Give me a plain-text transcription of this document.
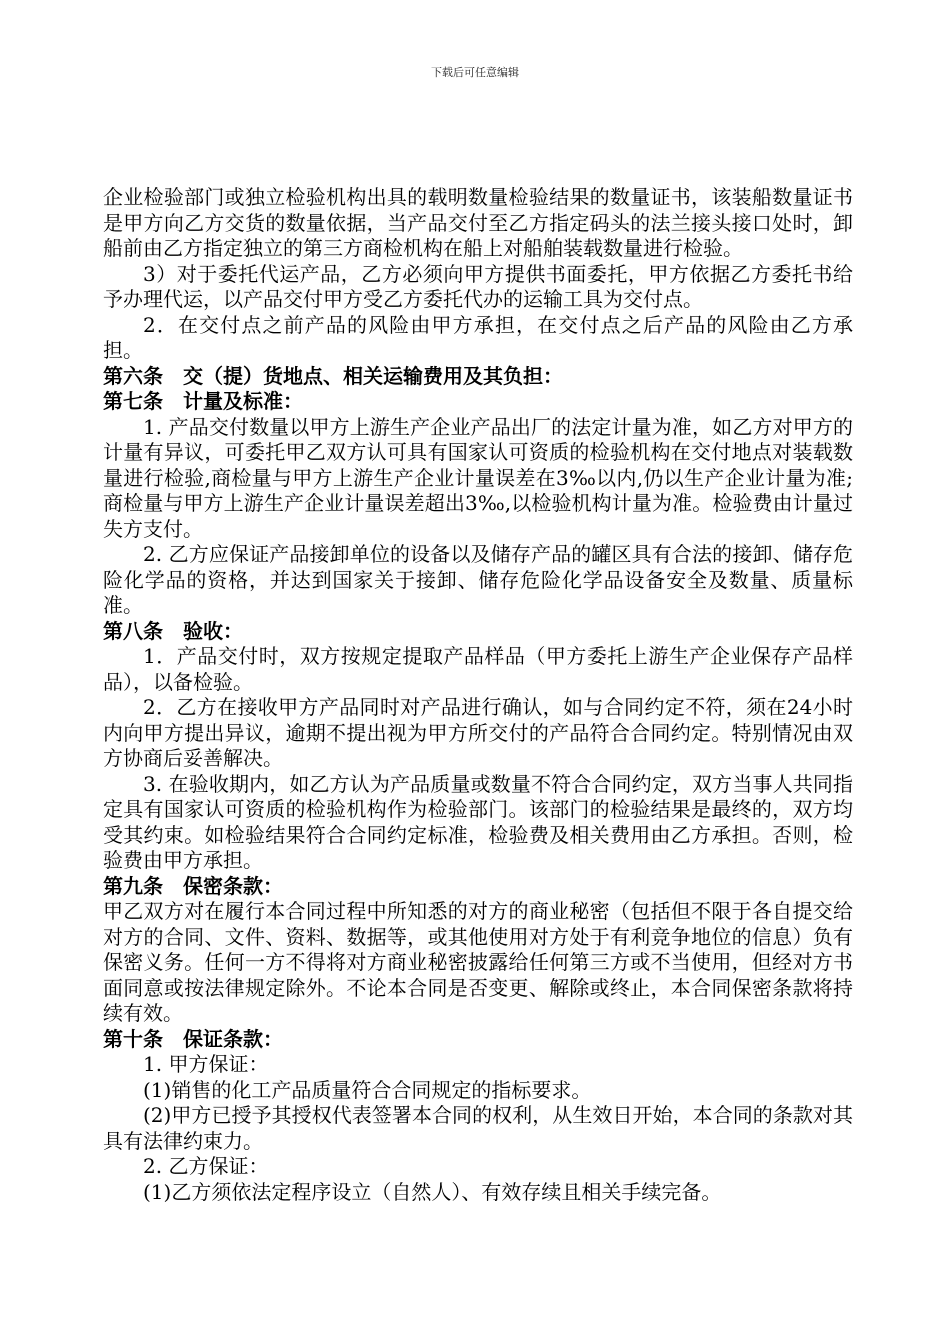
下载后可任意编辑

企业检验部门或独立检验机构出具的载明数量检验结果的数量证书，该装船数量证书是甲方向乙方交货的数量依据，当产品交付至乙方指定码头的法兰接头接口处时，卸船前由乙方指定独立的第三方商检机构在船上对船舶装载数量进行检验。

3）对于委托代运产品，乙方必须向甲方提供书面委托，甲方依据乙方委托书给予办理代运，以产品交付甲方受乙方委托代办的运输工具为交付点。

2．在交付点之前产品的风险由甲方承担，在交付点之后产品的风险由乙方承担。

第六条　交（提）货地点、相关运输费用及其负担：

第七条　计量及标准：

1. 产品交付数量以甲方上游生产企业产品出厂的法定计量为准，如乙方对甲方的计量有异议，可委托甲乙双方认可具有国家认可资质的检验机构在交付地点对装载数量进行检验,商检量与甲方上游生产企业计量误差在3‰以内,仍以生产企业计量为准; 商检量与甲方上游生产企业计量误差超出3‰,以检验机构计量为准。检验费由计量过失方支付。

2. 乙方应保证产品接卸单位的设备以及储存产品的罐区具有合法的接卸、储存危险化学品的资格，并达到国家关于接卸、储存危险化学品设备安全及数量、质量标准。

第八条　验收：

1．产品交付时，双方按规定提取产品样品（甲方委托上游生产企业保存产品样品），以备检验。

2．乙方在接收甲方产品同时对产品进行确认，如与合同约定不符，须在24小时内向甲方提出异议，逾期不提出视为甲方所交付的产品符合合同约定。特别情况由双方协商后妥善解决。

3. 在验收期内，如乙方认为产品质量或数量不符合合同约定，双方当事人共同指定具有国家认可资质的检验机构作为检验部门。该部门的检验结果是最终的，双方均受其约束。如检验结果符合合同约定标准，检验费及相关费用由乙方承担。否则，检验费由甲方承担。

第九条　保密条款：

甲乙双方对在履行本合同过程中所知悉的对方的商业秘密（包括但不限于各自提交给对方的合同、文件、资料、数据等，或其他使用对方处于有利竞争地位的信息）负有保密义务。任何一方不得将对方商业秘密披露给任何第三方或不当使用，但经对方书面同意或按法律规定除外。不论本合同是否变更、解除或终止，本合同保密条款将持续有效。

第十条　保证条款：

1. 甲方保证：

(1)销售的化工产品质量符合合同规定的指标要求。

(2)甲方已授予其授权代表签署本合同的权利，从生效日开始，本合同的条款对其具有法律约束力。

2. 乙方保证：

(1)乙方须依法定程序设立（自然人）、有效存续且相关手续完备。
